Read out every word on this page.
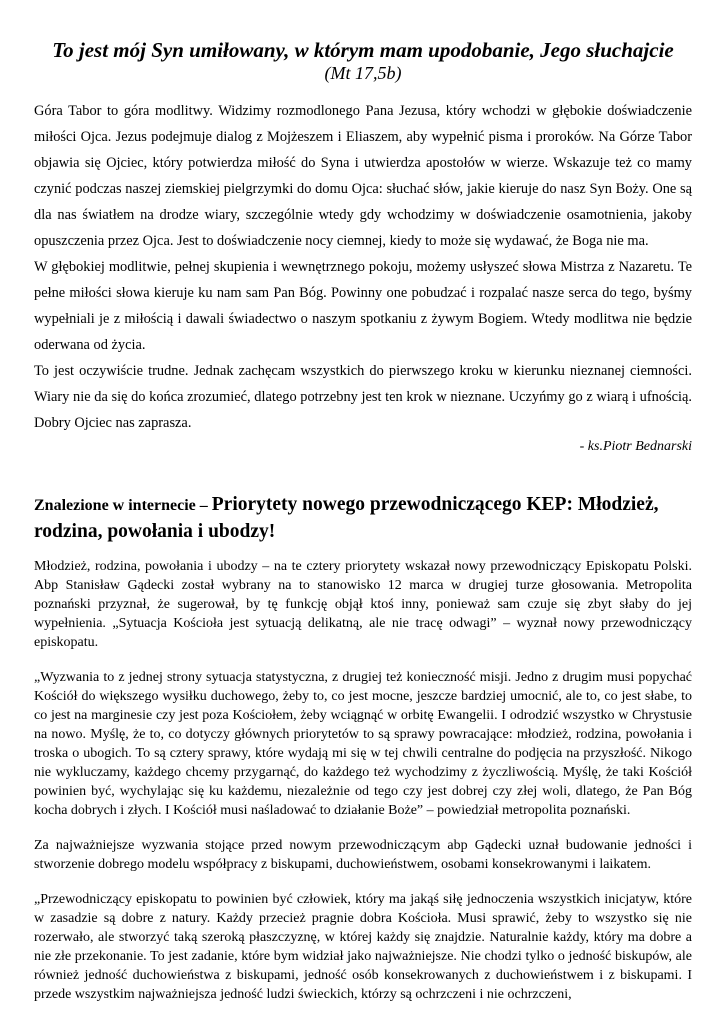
To jest mój Syn umiłowany, w którym mam upodobanie, Jego słuchajcie
(Mt 17,5b)

Góra Tabor to góra modlitwy. Widzimy rozmodlonego Pana Jezusa, który wchodzi w głębokie doświadczenie miłości Ojca. Jezus podejmuje dialog z Mojżeszem i Eliaszem, aby wypełnić pisma i proroków. Na Górze Tabor objawia się Ojciec, który potwierdza miłość do Syna i utwierdza apostołów w wierze. Wskazuje też co mamy czynić podczas naszej ziemskiej pielgrzymki do domu Ojca: słuchać słów, jakie kieruje do nasz Syn Boży. One są dla nas światłem na drodze wiary, szczególnie wtedy gdy wchodzimy w doświadczenie osamotnienia, jakoby opuszczenia przez Ojca. Jest to doświadczenie nocy ciemnej, kiedy to może się wydawać, że Boga nie ma.

W głębokiej modlitwie, pełnej skupienia i wewnętrznego pokoju, możemy usłyszeć słowa Mistrza z Nazaretu. Te pełne miłości słowa kieruje ku nam sam Pan Bóg. Powinny one pobudzać i rozpalać nasze serca do tego, byśmy wypełniali je z miłością i dawali świadectwo o naszym spotkaniu z żywym Bogiem. Wtedy modlitwa nie będzie oderwana od życia.

To jest oczywiście trudne. Jednak zachęcam wszystkich do pierwszego kroku w kierunku nieznanej ciemności. Wiary nie da się do końca zrozumieć, dlatego potrzebny jest ten krok w nieznane. Uczyńmy go z wiarą i ufnością. Dobry Ojciec nas zaprasza.

- ks.Piotr Bednarski
Znalezione w internecie – Priorytety nowego przewodniczącego KEP: Młodzież, rodzina, powołania i ubodzy!

Młodzież, rodzina, powołania i ubodzy – na te cztery priorytety wskazał nowy przewodniczący Episkopatu Polski. Abp Stanisław Gądecki został wybrany na to stanowisko 12 marca w drugiej turze głosowania. Metropolita poznański przyznał, że sugerował, by tę funkcję objął ktoś inny, ponieważ sam czuje się zbyt słaby do jej wypełnienia. „Sytuacja Kościoła jest sytuacją delikatną, ale nie tracę odwagi” – wyznał nowy przewodniczący episkopatu.

„Wyzwania to z jednej strony sytuacja statystyczna, z drugiej też konieczność misji. Jedno z drugim musi popychać Kościół do większego wysiłku duchowego, żeby to, co jest mocne, jeszcze bardziej umocnić, ale to, co jest słabe, to co jest na marginesie czy jest poza Kościołem, żeby wciągnąć w orbitę Ewangelii. I odrodzić wszystko w Chrystusie na nowo. Myślę, że to, co dotyczy głównych priorytetów to są sprawy powracające: młodzież, rodzina, powołania i troska o ubogich. To są cztery sprawy, które wydają mi się w tej chwili centralne do podjęcia na przyszłość. Nikogo nie wykluczamy, każdego chcemy przygarnąć, do każdego też wychodzimy z życzliwością. Myślę, że taki Kościół powinien być, wychylając się ku każdemu, niezależnie od tego czy jest dobrej czy złej woli, dlatego, że Pan Bóg kocha dobrych i złych. I Kościół musi naśladować to działanie Boże” – powiedział metropolita poznański.

Za najważniejsze wyzwania stojące przed nowym przewodniczącym abp Gądecki uznał budowanie jedności i stworzenie dobrego modelu współpracy z biskupami, duchowieństwem, osobami konsekrowanymi i laikatem.

„Przewodniczący episkopatu to powinien być człowiek, który ma jakąś siłę jednoczenia wszystkich inicjatyw, które w zasadzie są dobre z natury. Każdy przecież pragnie dobra Kościoła. Musi sprawić, żeby to wszystko się nie rozerwało, ale stworzyć taką szeroką płaszczyznę, w której każdy się znajdzie. Naturalnie każdy, który ma dobre a nie złe przekonanie. To jest zadanie, które bym widział jako najważniejsze. Nie chodzi tylko o jedność biskupów, ale również jedność duchowieństwa z biskupami, jedność osób konsekrowanych z duchowieństwem i z biskupami. I przede wszystkim najważniejsza jedność ludzi świeckich, którzy są ochrzczeni i nie ochrzczeni,
